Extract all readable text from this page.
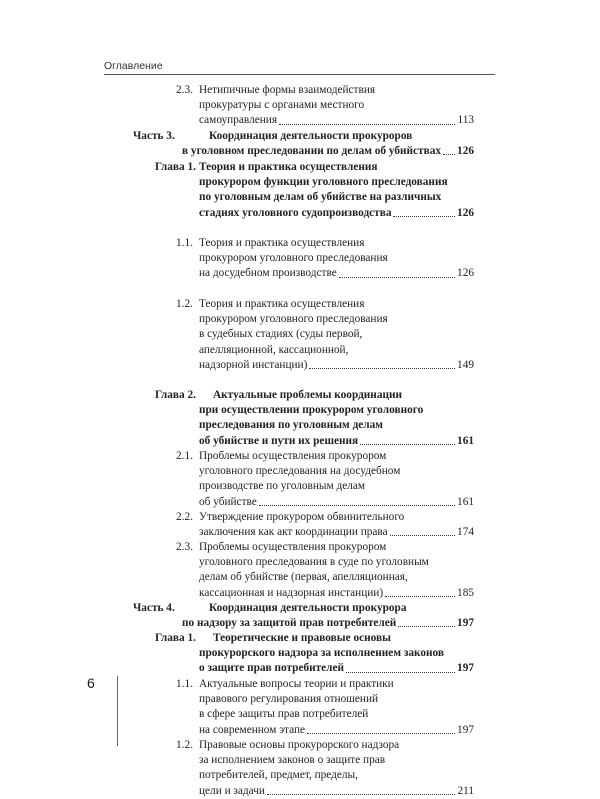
Оглавление
2.3. Нетипичные формы взаимодействия
прокуратуры с органами местного
самоуправления	113
Часть 3.	Координация деятельности прокуроров
в уголовном преследовании по делам об убийствах 126
Глава 1. Теория и практика осуществления
прокурором функции уголовного преследования
по уголовным делам об убийстве на различных
стадиях уголовного судопроизводства	126
1.1. Теория и практика осуществления
прокурором уголовного преследования
на досудебном производстве	126
1.2. Теория и практика осуществления
прокурором уголовного преследования
в судебных стадиях (суды первой,
апелляционной, кассационной,
надзорной инстанции)	149
Глава 2. Актуальные проблемы координации
при осуществлении прокурором уголовного
преследования по уголовным делам
об убийстве и пути их решения	161
2.1. Проблемы осуществления прокурором
уголовного преследования на досудебном
производстве по уголовным делам
об убийстве	161
2.2. Утверждение прокурором обвинительного
заключения как акт координации права	174
2.3. Проблемы осуществления прокурором
уголовного преследования в суде по уголовным
делам об убийстве (первая, апелляционная,
кассационная и надзорная инстанции)	185
Часть 4.	Координация деятельности прокурора
по надзору за защитой прав потребителей	197
Глава 1. Теоретические и правовые основы
прокурорского надзора за исполнением законов
о защите прав потребителей	197
1.1. Актуальные вопросы теории и практики
правового регулирования отношений
в сфере защиты прав потребителей
на современном этапе	197
1.2. Правовые основы прокурорского надзора
за исполнением законов о защите прав
потребителей, предмет, пределы,
цели и задачи	211
6
